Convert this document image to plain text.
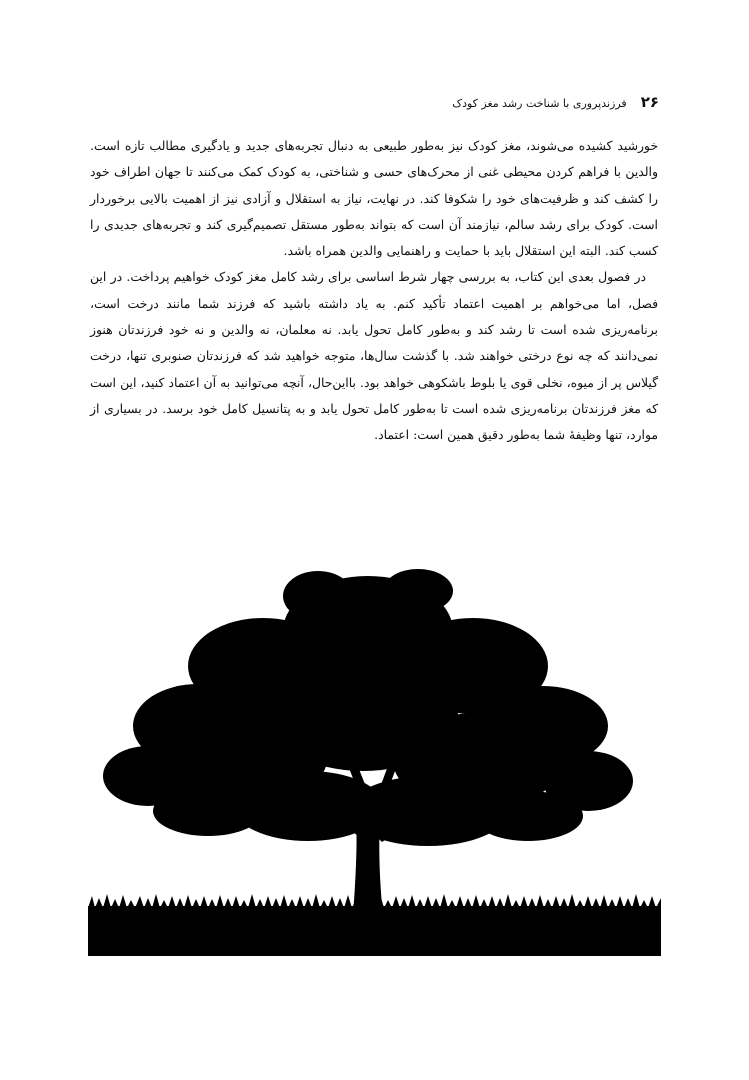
فرزندپروری با شناخت رشد مغز کودک ۲۶

خورشید کشیده می‌شوند، مغز کودک نیز به‌طور طبیعی به دنبال تجربه‌های جدید و یادگیری مطالب تازه است. والدین با فراهم کردن محیطی غنی از محرک‌های حسی و شناختی، به کودک کمک می‌کنند تا جهان اطراف خود را کشف کند و ظرفیت‌های خود را شکوفا کند. در نهایت، نیاز به استقلال و آزادی نیز از اهمیت بالایی برخوردار است. کودک برای رشد سالم، نیازمند آن است که بتواند به‌طور مستقل تصمیم‌گیری کند و تجربه‌های جدیدی را کسب کند. البته این استقلال باید با حمایت و راهنمایی والدین همراه باشد.

در فصول بعدی این کتاب، به بررسی چهار شرط اساسی برای رشد کامل مغز کودک خواهیم پرداخت. در این فصل، اما می‌خواهم بر اهمیت اعتماد تأکید کنم. به یاد داشته باشید که فرزند شما مانند درخت است، برنامه‌ریزی شده است تا رشد کند و به‌طور کامل تحول یابد. نه معلمان، نه والدین و نه خود فرزندتان هنوز نمی‌دانند که چه نوع درختی خواهند شد. با گذشت سال‌ها، متوجه خواهید شد که فرزندتان صنوبری تنها، درخت گیلاس پر از میوه، نخلی قوی یا بلوط باشکوهی خواهد بود. بااین‌حال، آنچه می‌توانید به آن اعتماد کنید، این است که مغز فرزندتان برنامه‌ریزی شده است تا به‌طور کامل تحول یابد و به پتانسیل کامل خود برسد. در بسیاری از موارد، تنها وظیفهٔ شما به‌طور دقیق همین است: اعتماد.
